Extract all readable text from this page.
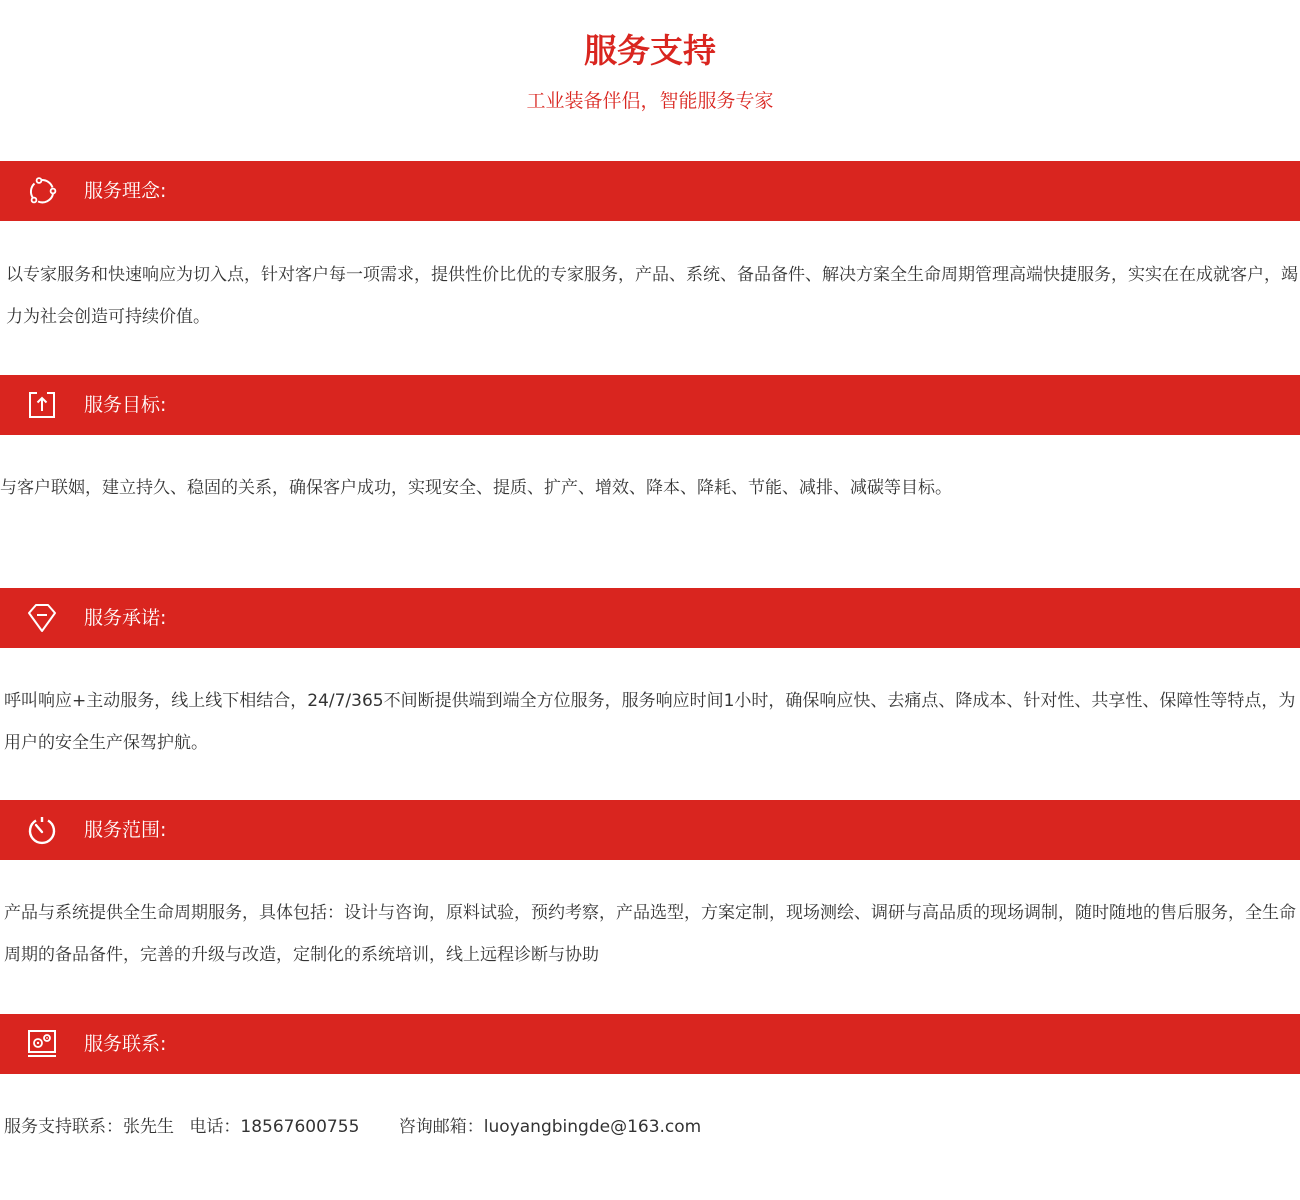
服务支持
工业装备伴侣，智能服务专家
服务理念:

以专家服务和快速响应为切入点，针对客户每一项需求，提供性价比优的专家服务，产品、系统、备品备件、解决方案全生命周期管理高端快捷服务，实实在在成就客户，竭力为社会创造可持续价值。

服务目标:

与客户联姻，建立持久、稳固的关系，确保客户成功，实现安全、提质、扩产、增效、降本、降耗、节能、减排、减碳等目标。

服务承诺:

呼叫响应+主动服务，线上线下相结合，24/7/365不间断提供端到端全方位服务，服务响应时间1小时，确保响应快、去痛点、降成本、针对性、共享性、保障性等特点，为用户的安全生产保驾护航。

服务范围:

产品与系统提供全生命周期服务，具体包括：设计与咨询，原料试验，预约考察，产品选型，方案定制，现场测绘、调研与高品质的现场调制，随时随地的售后服务，全生命周期的备品备件，完善的升级与改造，定制化的系统培训，线上远程诊断与协助

服务联系:
服务支持联系：张先生 电话：18567600755 咨询邮箱：luoyangbingde@163.com
